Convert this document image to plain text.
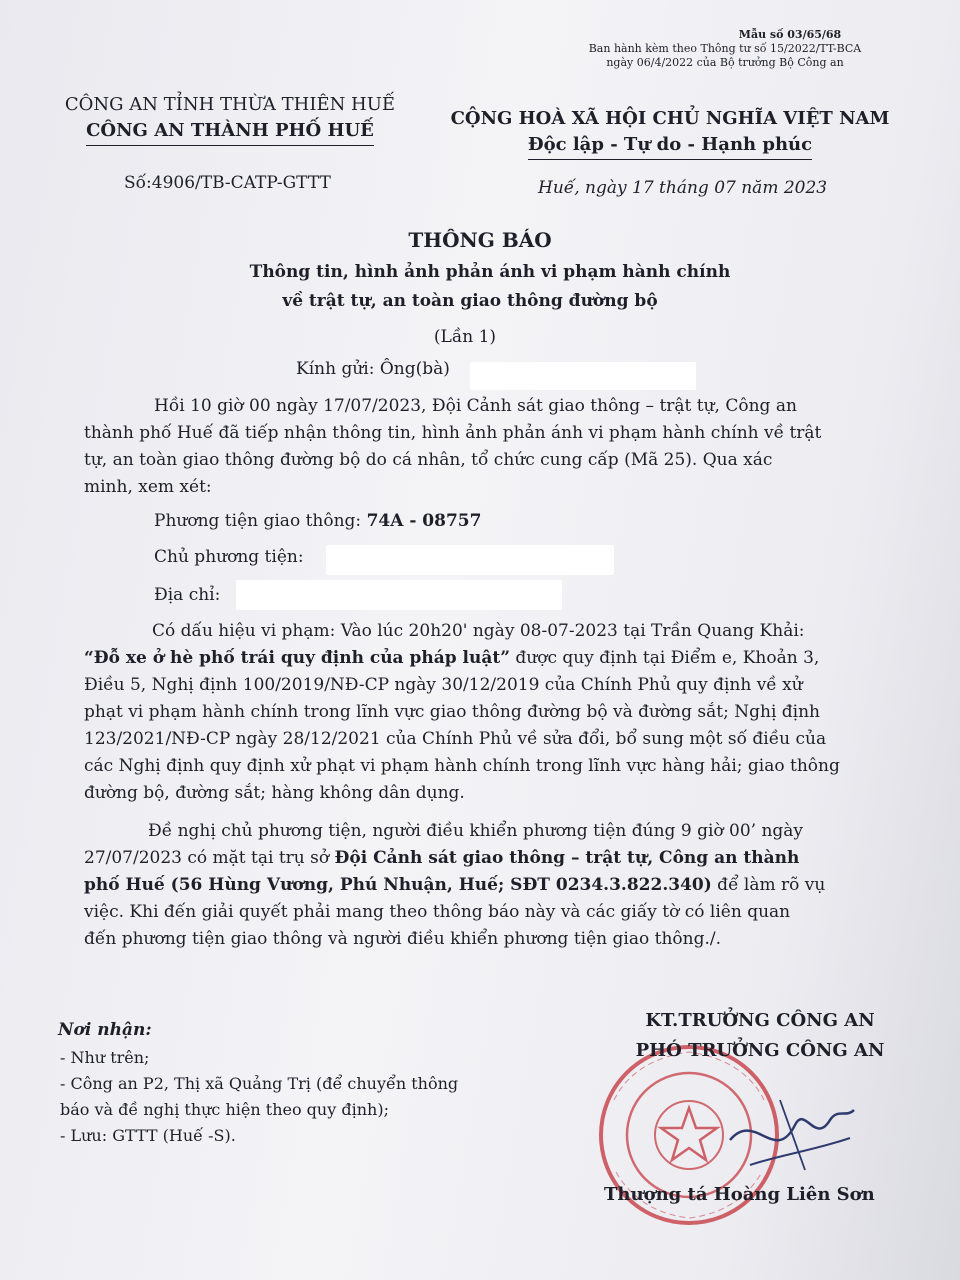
Mẫu số 03/65/68
Ban hành kèm theo Thông tư số 15/2022/TT-BCA
ngày 06/4/2022 của Bộ trưởng Bộ Công an
CÔNG AN TỈNH THỪA THIÊN HUẾ
CÔNG AN THÀNH PHỐ HUẾ
CỘNG HOÀ XÃ HỘI CHỦ NGHĨA VIỆT NAM
Độc lập - Tự do - Hạnh phúc
Số:4906/TB-CATP-GTTT	Huế, ngày 17 tháng 07 năm 2023
THÔNG BÁO
Thông tin, hình ảnh phản ánh vi phạm hành chính
về trật tự, an toàn giao thông đường bộ
(Lần 1)
Kính gửi: Ông(bà)
Hồi 10 giờ 00 ngày 17/07/2023, Đội Cảnh sát giao thông – trật tự, Công an
thành phố Huế đã tiếp nhận thông tin, hình ảnh phản ánh vi phạm hành chính về trật
tự, an toàn giao thông đường bộ do cá nhân, tổ chức cung cấp (Mã 25). Qua xác
minh, xem xét:
Phương tiện giao thông: 74A - 08757
Chủ phương tiện:
Địa chỉ:
Có dấu hiệu vi phạm: Vào lúc 20h20' ngày 08-07-2023 tại Trần Quang Khải:
“Đỗ xe ở hè phố trái quy định của pháp luật” được quy định tại Điểm e, Khoản 3,
Điều 5, Nghị định 100/2019/NĐ-CP ngày 30/12/2019 của Chính Phủ quy định về xử
phạt vi phạm hành chính trong lĩnh vực giao thông đường bộ và đường sắt; Nghị định
123/2021/NĐ-CP ngày 28/12/2021 của Chính Phủ về sửa đổi, bổ sung một số điều của
các Nghị định quy định xử phạt vi phạm hành chính trong lĩnh vực hàng hải; giao thông
đường bộ, đường sắt; hàng không dân dụng.
Đề nghị chủ phương tiện, người điều khiển phương tiện đúng 9 giờ 00’ ngày
27/07/2023 có mặt tại trụ sở Đội Cảnh sát giao thông – trật tự, Công an thành
phố Huế (56 Hùng Vương, Phú Nhuận, Huế; SĐT 0234.3.822.340) để làm rõ vụ
việc. Khi đến giải quyết phải mang theo thông báo này và các giấy tờ có liên quan
đến phương tiện giao thông và người điều khiển phương tiện giao thông./.
Nơi nhận:
- Như trên;
- Công an P2, Thị xã Quảng Trị (để chuyển thông
báo và đề nghị thực hiện theo quy định);
- Lưu: GTTT (Huế -S).
KT.TRƯỞNG CÔNG AN
PHÓ TRƯỞNG CÔNG AN
Thượng tá Hoàng Liên Sơn
